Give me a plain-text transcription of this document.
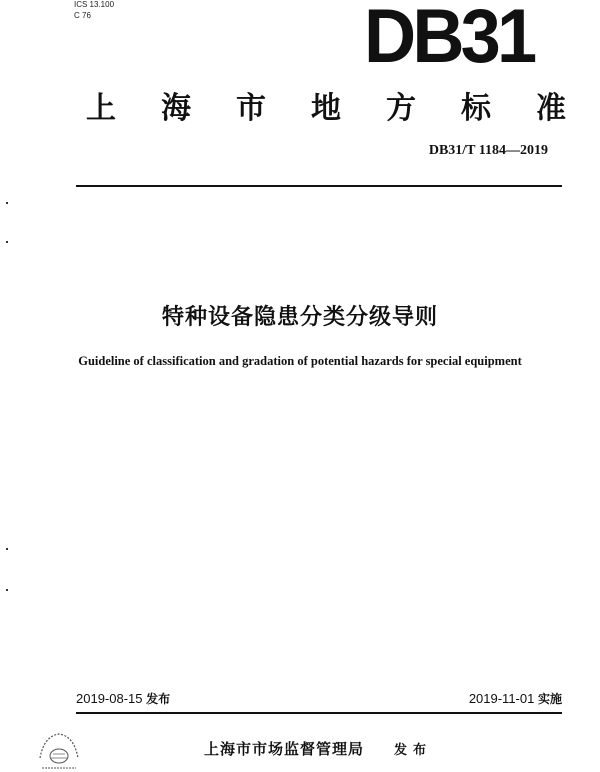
ICS 13.100
C 76	DB31
上 海 市 地 方 标 准
DB31/T 1184—2019
特种设备隐患分类分级导则
Guideline of classification and gradation of potential hazards for special equipment
2019-08-15 发布	2019-11-01 实施
上海市市场监督管理局 发布
